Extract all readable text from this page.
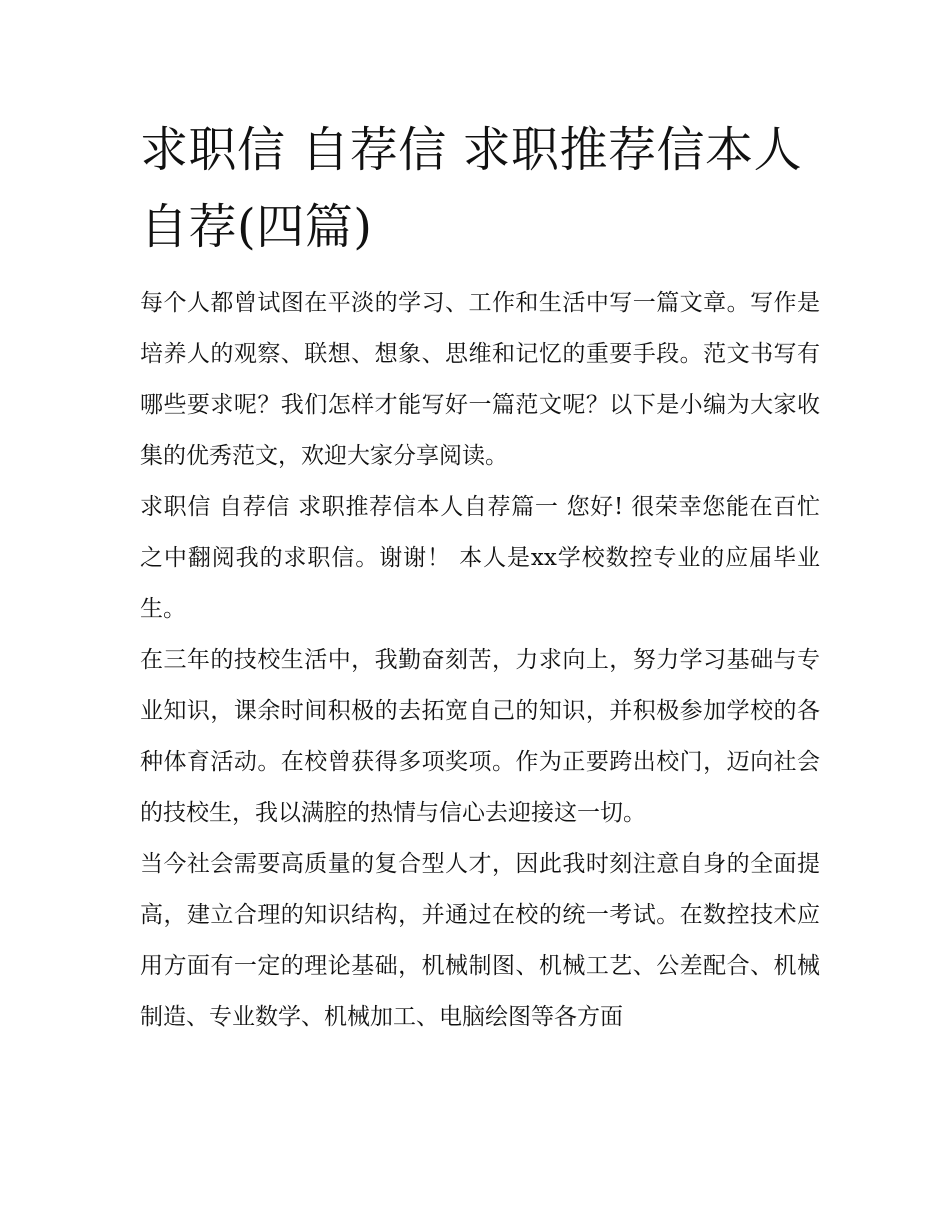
求职信 自荐信 求职推荐信本人自荐(四篇)

每个人都曾试图在平淡的学习、工作和生活中写一篇文章。写作是培养人的观察、联想、想象、思维和记忆的重要手段。范文书写有哪些要求呢？我们怎样才能写好一篇范文呢？以下是小编为大家收集的优秀范文，欢迎大家分享阅读。

求职信 自荐信 求职推荐信本人自荐篇一 您好! 很荣幸您能在百忙之中翻阅我的求职信。谢谢！ 本人是xx学校数控专业的应届毕业生。

在三年的技校生活中，我勤奋刻苦，力求向上，努力学习基础与专业知识，课余时间积极的去拓宽自己的知识，并积极参加学校的各种体育活动。在校曾获得多项奖项。作为正要跨出校门，迈向社会的技校生，我以满腔的热情与信心去迎接这一切。

当今社会需要高质量的复合型人才，因此我时刻注意自身的全面提高，建立合理的知识结构，并通过在校的统一考试。在数控技术应用方面有一定的理论基础，机械制图、机械工艺、公差配合、机械制造、专业数学、机械加工、电脑绘图等各方面
